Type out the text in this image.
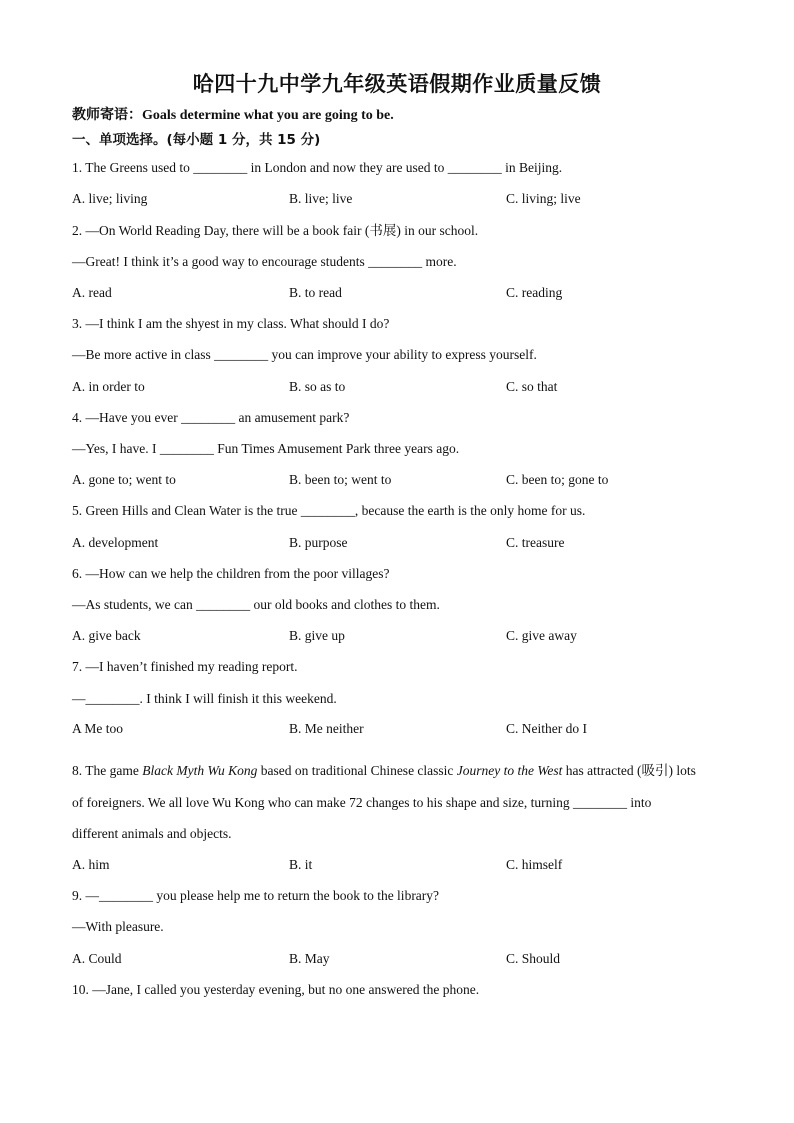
哈四十九中学九年级英语假期作业质量反馈
教师寄语：Goals determine what you are going to be.
一、单项选择。(每小题 1 分，共 15 分)
1. The Greens used to ________ in London and now they are used to ________ in Beijing.
A. live; living	B. live; live	C. living; live
2. —On World Reading Day, there will be a book fair (书展) in our school.
—Great! I think it’s a good way to encourage students ________ more.
A. read	B. to read	C. reading
3. —I think I am the shyest in my class. What should I do?
—Be more active in class ________ you can improve your ability to express yourself.
A. in order to	B. so as to	C. so that
4. —Have you ever ________ an amusement park?
—Yes, I have. I ________ Fun Times Amusement Park three years ago.
A. gone to; went to	B. been to; went to	C. been to; gone to
5. Green Hills and Clean Water is the true ________, because the earth is the only home for us.
A. development	B. purpose	C. treasure
6. —How can we help the children from the poor villages?
—As students, we can ________ our old books and clothes to them.
A. give back	B. give up	C. give away
7. —I haven’t finished my reading report.
—________. I think I will finish it this weekend.
A Me too	B. Me neither	C. Neither do I
8. The game Black Myth Wu Kong based on traditional Chinese classic Journey to the West has attracted (吸引) lots
of foreigners. We all love Wu Kong who can make 72 changes to his shape and size, turning ________ into
different animals and objects.
A. him	B. it	C. himself
9. —________ you please help me to return the book to the library?
—With pleasure.
A. Could	B. May	C. Should
10. —Jane, I called you yesterday evening, but no one answered the phone.
